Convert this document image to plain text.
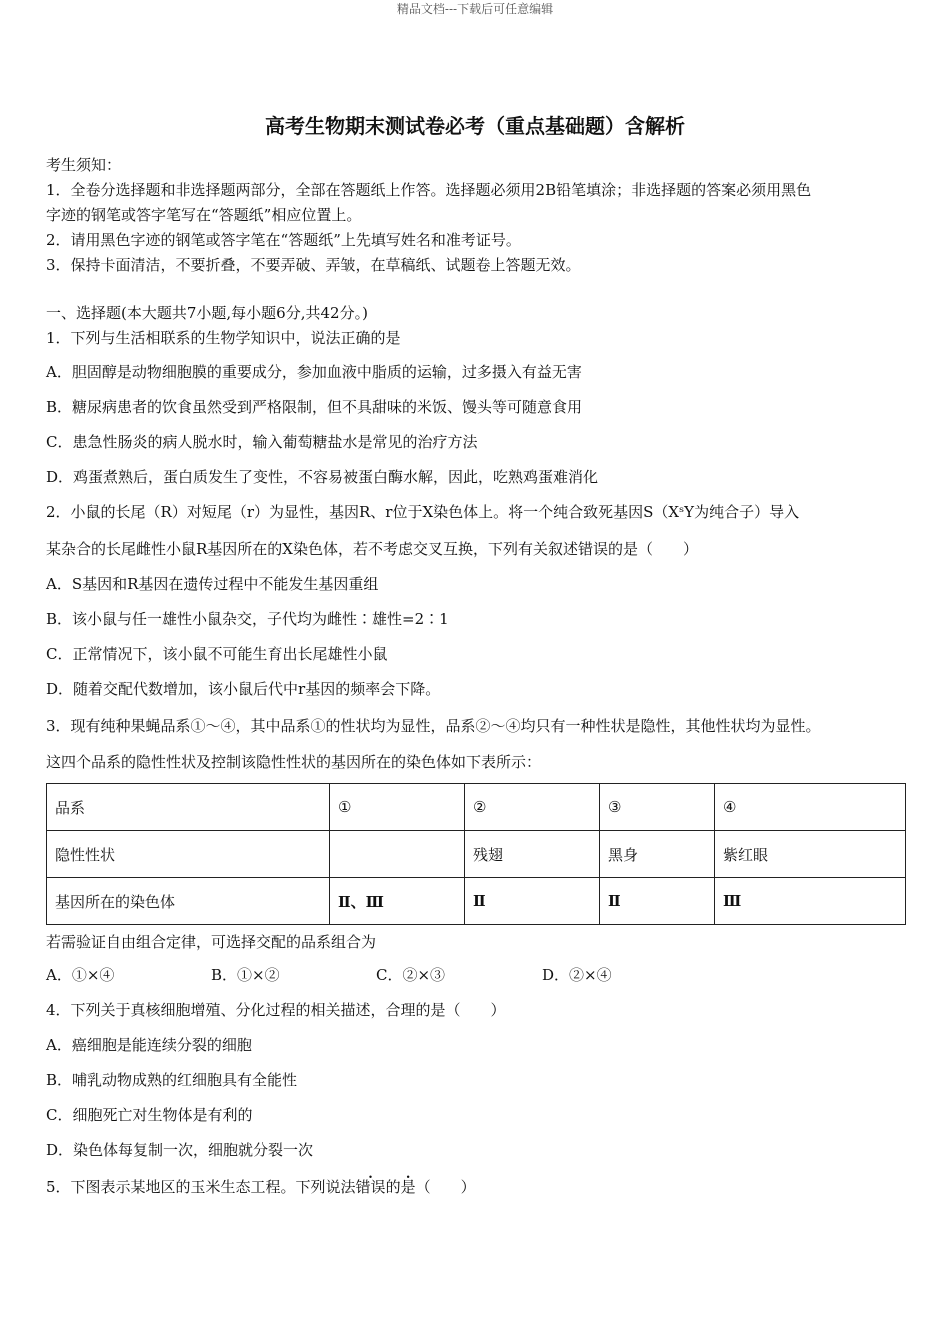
精品文档---下载后可任意编辑
高考生物期末测试卷必考（重点基础题）含解析
考生须知：
1．全卷分选择题和非选择题两部分，全部在答题纸上作答。选择题必须用2B铅笔填涂；非选择题的答案必须用黑色
字迹的钢笔或答字笔写在“答题纸”相应位置上。
2．请用黑色字迹的钢笔或答字笔在“答题纸”上先填写姓名和准考证号。
3．保持卡面清洁，不要折叠，不要弄破、弄皱，在草稿纸、试题卷上答题无效。
一、选择题(本大题共7小题,每小题6分,共42分。)
1．下列与生活相联系的生物学知识中，说法正确的是
A．胆固醇是动物细胞膜的重要成分，参加血液中脂质的运输，过多摄入有益无害
B．糖尿病患者的饮食虽然受到严格限制，但不具甜味的米饭、馒头等可随意食用
C．患急性肠炎的病人脱水时，输入葡萄糖盐水是常见的治疗方法
D．鸡蛋煮熟后，蛋白质发生了变性，不容易被蛋白酶水解，因此，吃熟鸡蛋难消化
2．小鼠的长尾（R）对短尾（r）为显性，基因R、r位于X染色体上。将一个纯合致死基因S（XˢY为纯合子）导入
某杂合的长尾雌性小鼠R基因所在的X染色体，若不考虑交叉互换，下列有关叙述错误的是（　　）
A．S基因和R基因在遗传过程中不能发生基因重组
B．该小鼠与任一雄性小鼠杂交，子代均为雌性∶雄性=2∶1
C．正常情况下，该小鼠不可能生育出长尾雄性小鼠
D．随着交配代数增加，该小鼠后代中r基因的频率会下降。
3．现有纯种果蝇品系①～④，其中品系①的性状均为显性，品系②～④均只有一种性状是隐性，其他性状均为显性。
这四个品系的隐性性状及控制该隐性性状的基因所在的染色体如下表所示：
品系	①	②	③	④
隐性性状		残翅	黑身	紫红眼
基因所在的染色体	Ⅱ、Ⅲ	Ⅱ	Ⅱ	Ⅲ
若需验证自由组合定律，可选择交配的品系组合为
A．①×④	B．①×②	C．②×③	D．②×④
4．下列关于真核细胞增殖、分化过程的相关描述，合理的是（　　）
A．癌细胞是能连续分裂的细胞
B．哺乳动物成熟的红细胞具有全能性
C．细胞死亡对生物体是有利的
D．染色体每复制一次，细胞就分裂一次
5．下图表示某地区的玉米生态工程。下列说法错误的是（　　）
